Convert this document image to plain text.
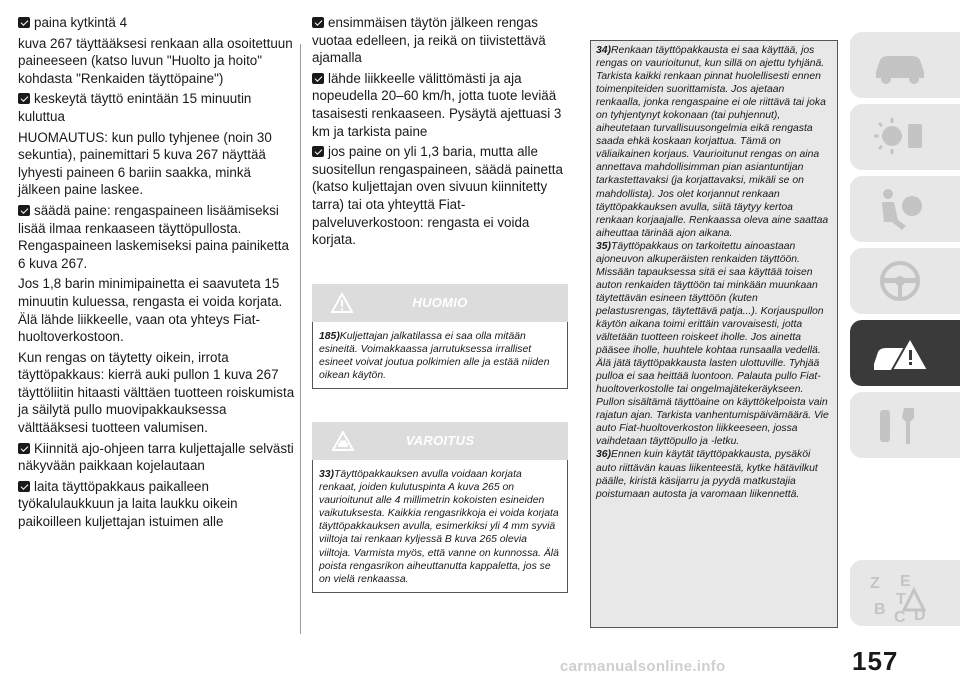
paina kytkintä 4
kuva 267 täyttääksesi renkaan alla osoitettuun paineeseen (katso luvun "Huolto ja hoito" kohdasta "Renkaiden täyttöpaine")
keskeytä täyttö enintään 15 minuutin kuluttua
HUOMAUTUS: kun pullo tyhjenee (noin 30 sekuntia), painemittari 5 kuva 267 näyttää lyhyesti paineen 6 bariin saakka, minkä jälkeen paine laskee.
säädä paine: rengaspaineen lisäämiseksi lisää ilmaa renkaaseen täyttöpullosta. Rengaspaineen laskemiseksi paina painiketta 6 kuva 267.
Jos 1,8 barin minimipainetta ei saavuteta 15 minuutin kuluessa, rengasta ei voida korjata. Älä lähde liikkeelle, vaan ota yhteys Fiat-huoltoverkostoon.
Kun rengas on täytetty oikein, irrota täyttöpakkaus: kierrä auki pullon 1 kuva 267 täyttöliitin hitaasti välttäen tuotteen roiskumista ja säilytä pullo muovipakkauksessa välttääksesi tuotteen valumisen.
Kiinnitä ajo-ohjeen tarra kuljettajalle selvästi näkyvään paikkaan kojelautaan
laita täyttöpakkaus paikalleen työkalulaukkuun ja laita laukku oikein paikoilleen kuljettajan istuimen alle
ensimmäisen täytön jälkeen rengas vuotaa edelleen, ja reikä on tiivistettävä ajamalla
lähde liikkeelle välittömästi ja aja nopeudella 20–60 km/h, jotta tuote leviää tasaisesti renkaaseen. Pysäytä ajettuasi 3 km ja tarkista paine
jos paine on yli 1,3 baria, mutta alle suositellun rengaspaineen, säädä painetta (katso kuljettajan oven sivuun kiinnitetty tarra) tai ota yhteyttä Fiat-palveluverkostoon: rengasta ei voida korjata.
HUOMIO
185)Kuljettajan jalkatilassa ei saa olla mitään esineitä. Voimakkaassa jarrutuksessa irralliset esineet voivat joutua polkimien alle ja estää niiden oikean käytön.
VAROITUS
33)Täyttöpakkauksen avulla voidaan korjata renkaat, joiden kulutuspinta A kuva 265 on vaurioitunut alle 4 millimetrin kokoisten esineiden vaikutuksesta. Kaikkia rengasrikkoja ei voida korjata täyttöpakkauksen avulla, esimerkiksi yli 4 mm syviä viiltoja tai renkaan kyljessä B kuva 265 olevia viiltoja. Varmista myös, että vanne on kunnossa. Älä poista rengasrikon aiheuttanutta kappaletta, jos se on vielä renkaassa.
34)Renkaan täyttöpakkausta ei saa käyttää, jos rengas on vaurioitunut, kun sillä on ajettu tyhjänä. Tarkista kaikki renkaan pinnat huolellisesti ennen toimenpiteiden suorittamista. Jos ajetaan renkaalla, jonka rengaspaine ei ole riittävä tai joka on tyhjentynyt kokonaan (tai puhjennut), aiheutetaan turvallisuusongelmia eikä rengasta saada ehkä koskaan korjattua. Tämä on väliaikainen korjaus. Vaurioitunut rengas on aina annettava mahdollisimman pian asiantuntijan tarkastettavaksi (ja korjattavaksi, mikäli se on mahdollista). Jos olet korjannut renkaan täyttöpakkauksen avulla, siitä täytyy kertoa renkaan korjaajalle. Renkaassa oleva aine saattaa aiheuttaa tärinää ajon aikana.
35)Täyttöpakkaus on tarkoitettu ainoastaan ajoneuvon alkuperäisten renkaiden täyttöön. Missään tapauksessa sitä ei saa käyttää toisen auton renkaiden täyttöön tai minkään muunkaan täytettävän esineen täyttöön (kuten pelastusrengas, täytettävä patja...). Korjauspullon käytön aikana toimi erittäin varovaisesti, jotta vältetään tuotteen roiskeet iholle. Jos ainetta pääsee iholle, huuhtele kohtaa runsaalla vedellä. Älä jätä täyttöpakkausta lasten ulottuville. Tyhjää pulloa ei saa heittää luontoon. Palauta pullo Fiat-huoltoverkostolle tai ongelmajätekeräykseen. Pullon sisältämä täyttöaine on käyttökelpoista vain rajatun ajan. Tarkista vanhentumispäivämäärä. Vie auto Fiat-huoltoverkoston liikkeeseen, jossa vaihdetaan täyttöpullo ja -letku.
36)Ennen kuin käytät täyttöpakkausta, pysäköi auto riittävän kauas liikenteestä, kytke hätävilkut päälle, kiristä käsijarru ja pyydä matkustajia poistumaan autosta ja varomaan liikennettä.
Z E
B C D
T
carmanualsonline.info	157
